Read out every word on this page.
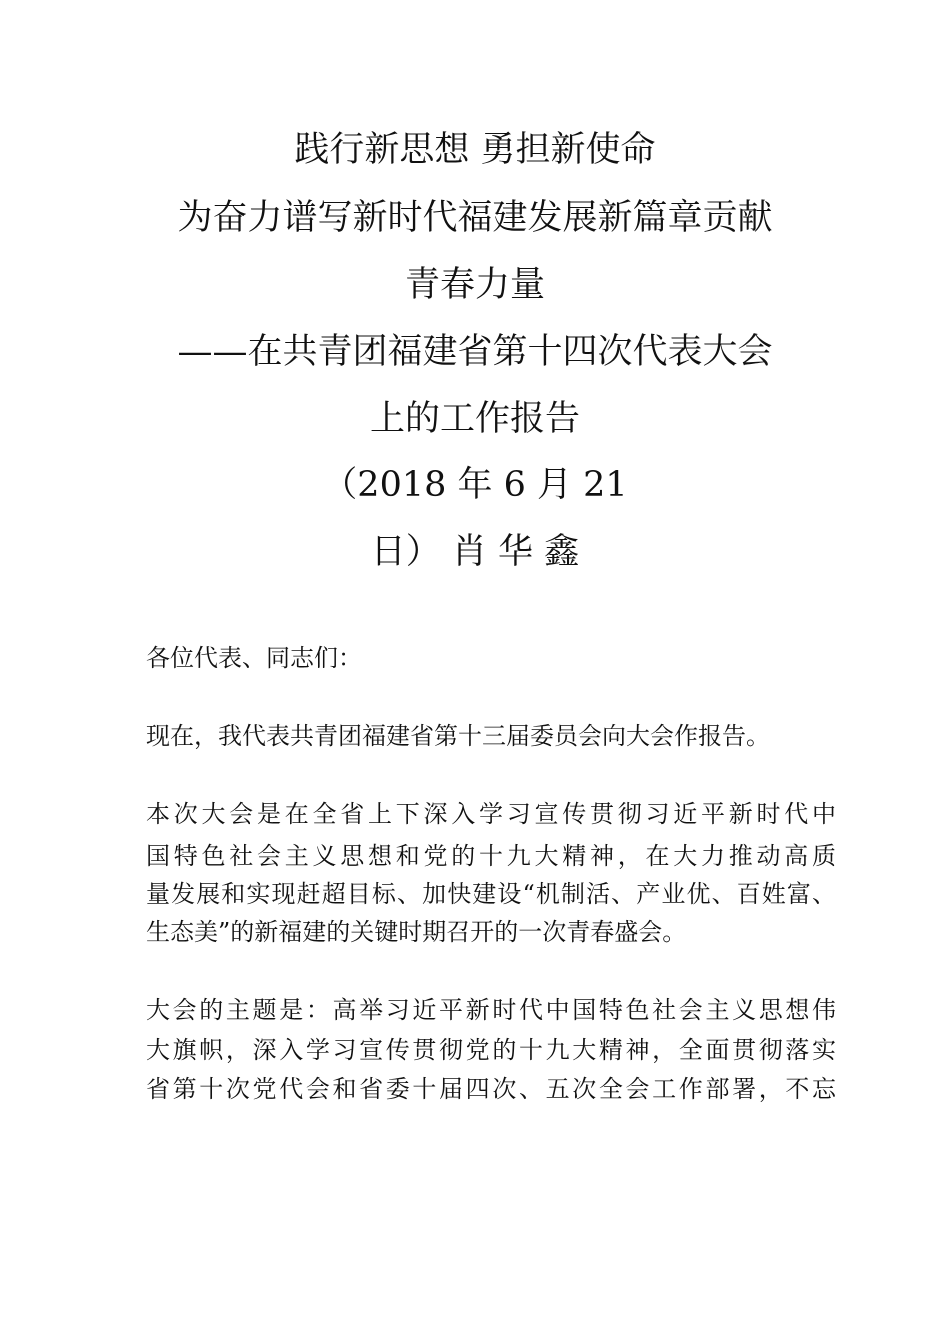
践行新思想 勇担新使命
为奋力谱写新时代福建发展新篇章贡献
青春力量
——在共青团福建省第十四次代表大会
上的工作报告
（2018 年 6 月 21
日） 肖 华 鑫
各位代表、同志们：
现在，我代表共青团福建省第十三届委员会向大会作报告。
本次大会是在全省上下深入学习宣传贯彻习近平新时代中
国特色社会主义思想和党的十九大精神，在大力推动高质
量发展和实现赶超目标、加快建设“机制活、产业优、百姓富、
生态美”的新福建的关键时期召开的一次青春盛会。
大会的主题是：高举习近平新时代中国特色社会主义思想伟
大旗帜，深入学习宣传贯彻党的十九大精神，全面贯彻落实
省第十次党代会和省委十届四次、五次全会工作部署，不忘
